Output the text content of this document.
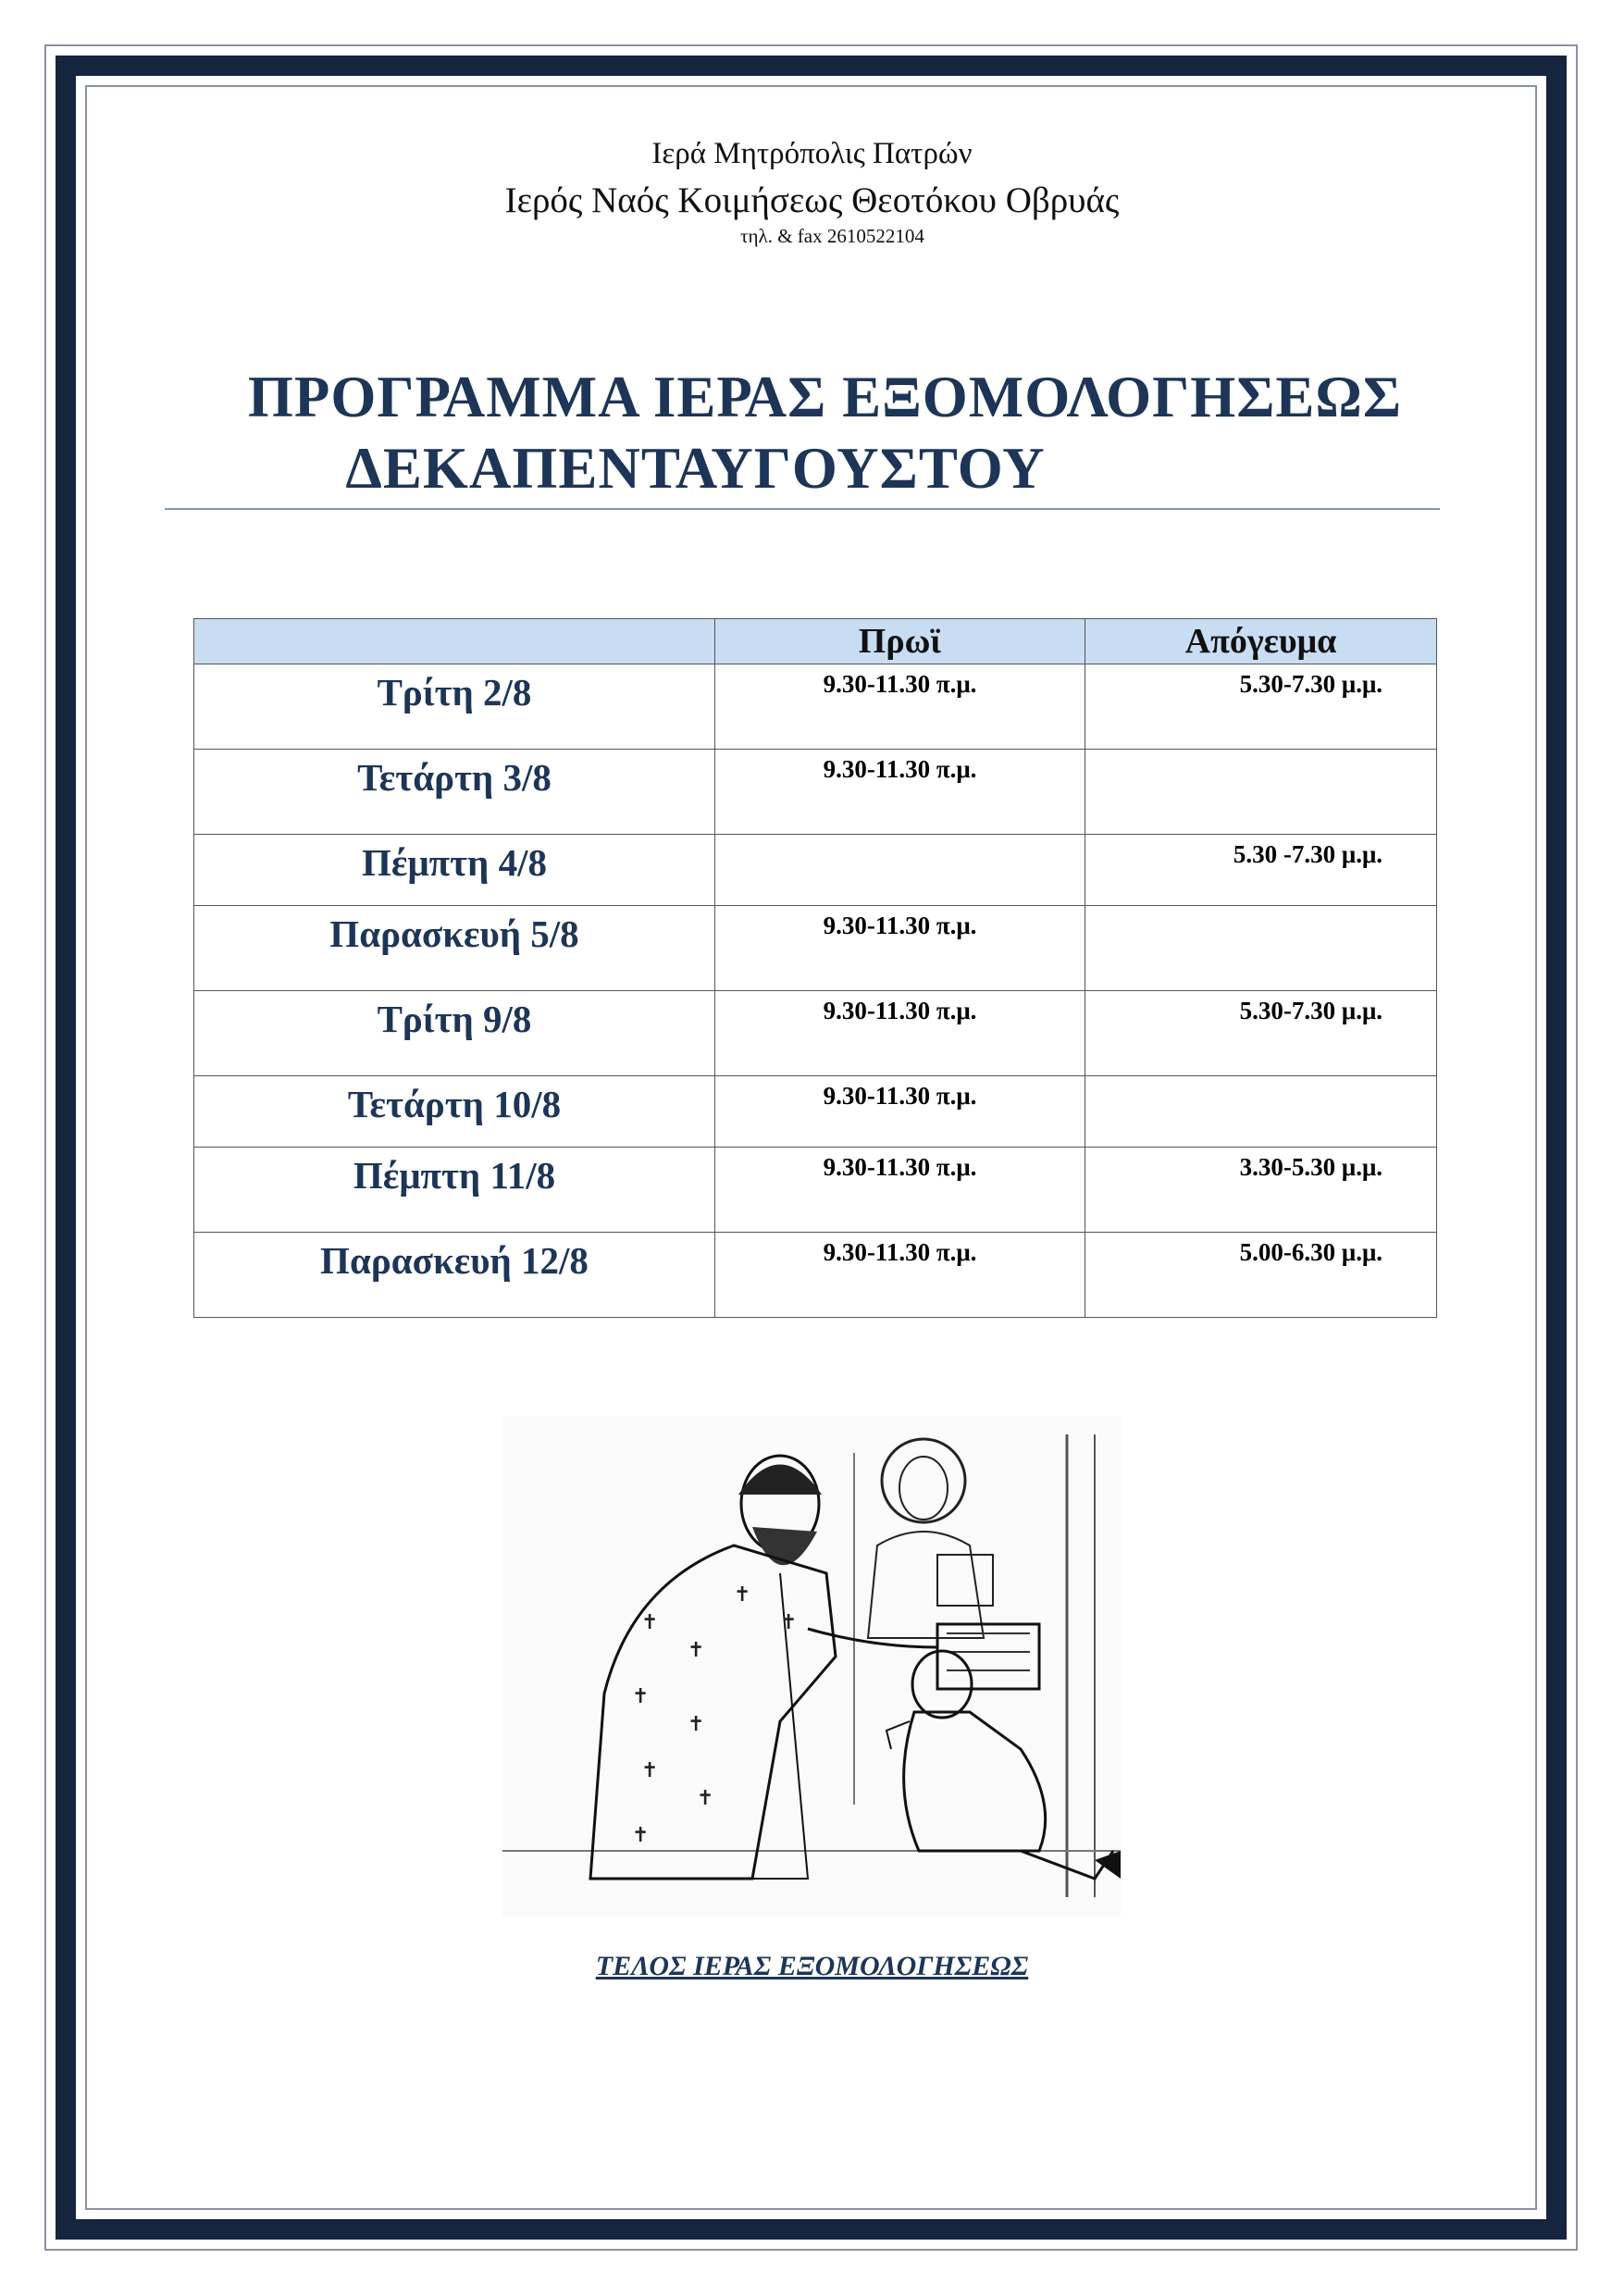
Ιερά Μητρόπολις Πατρών
Ιερός Ναός Κοιμήσεως Θεοτόκου Οβρυάς
τηλ. & fax 2610522104
ΠΡΟΓΡΑΜΜΑ ΙΕΡΑΣ ΕΞΟΜΟΛΟΓΗΣΕΩΣ
ΔΕΚΑΠΕΝΤΑΥΓΟΥΣΤΟΥ
	Πρωϊ	Απόγευμα
Τρίτη 2/8	9.30-11.30 π.μ.	5.30-7.30 μ.μ.
Τετάρτη 3/8	9.30-11.30 π.μ.	
Πέμπτη 4/8		5.30 -7.30 μ.μ.
Παρασκευή 5/8	9.30-11.30 π.μ.	
Τρίτη 9/8	9.30-11.30 π.μ.	5.30-7.30 μ.μ.
Τετάρτη 10/8	9.30-11.30 π.μ.	
Πέμπτη 11/8	9.30-11.30 π.μ.	3.30-5.30 μ.μ.
Παρασκευή 12/8	9.30-11.30 π.μ.	5.00-6.30 μ.μ.
✝
✝
✝
✝
✝
✝
✝
✝
✝
ΤΕΛΟΣ ΙΕΡΑΣ ΕΞΟΜΟΛΟΓΗΣΕΩΣ
